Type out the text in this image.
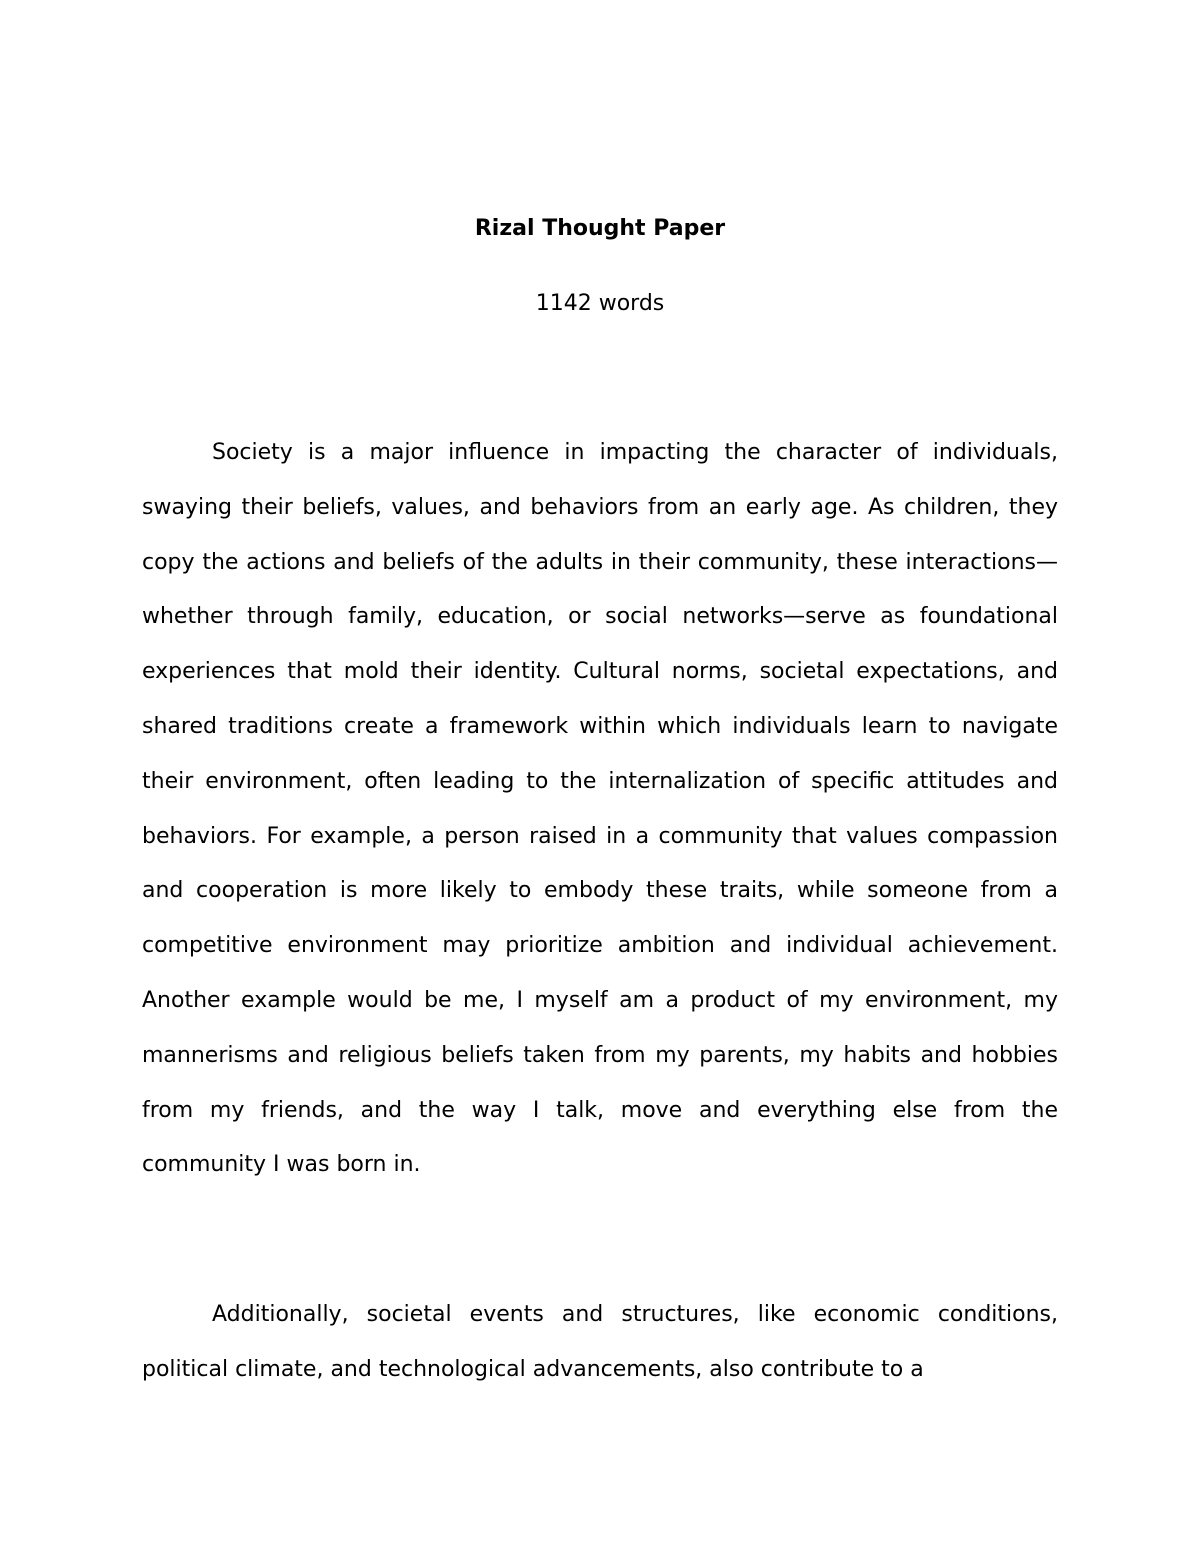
Rizal Thought Paper
1142 words

Society is a major influence in impacting the character of individuals, swaying their beliefs, values, and behaviors from an early age. As children, they copy the actions and beliefs of the adults in their community, these interactions—whether through family, education, or social networks—serve as foundational experiences that mold their identity. Cultural norms, societal expectations, and shared traditions create a framework within which individuals learn to navigate their environment, often leading to the internalization of specific attitudes and behaviors. For example, a person raised in a community that values compassion and cooperation is more likely to embody these traits, while someone from a competitive environment may prioritize ambition and individual achievement. Another example would be me, I myself am a product of my environment, my mannerisms and religious beliefs taken from my parents, my habits and hobbies from my friends, and the way I talk, move and everything else from the community I was born in.

Additionally, societal events and structures, like economic conditions, political climate, and technological advancements, also contribute to a
